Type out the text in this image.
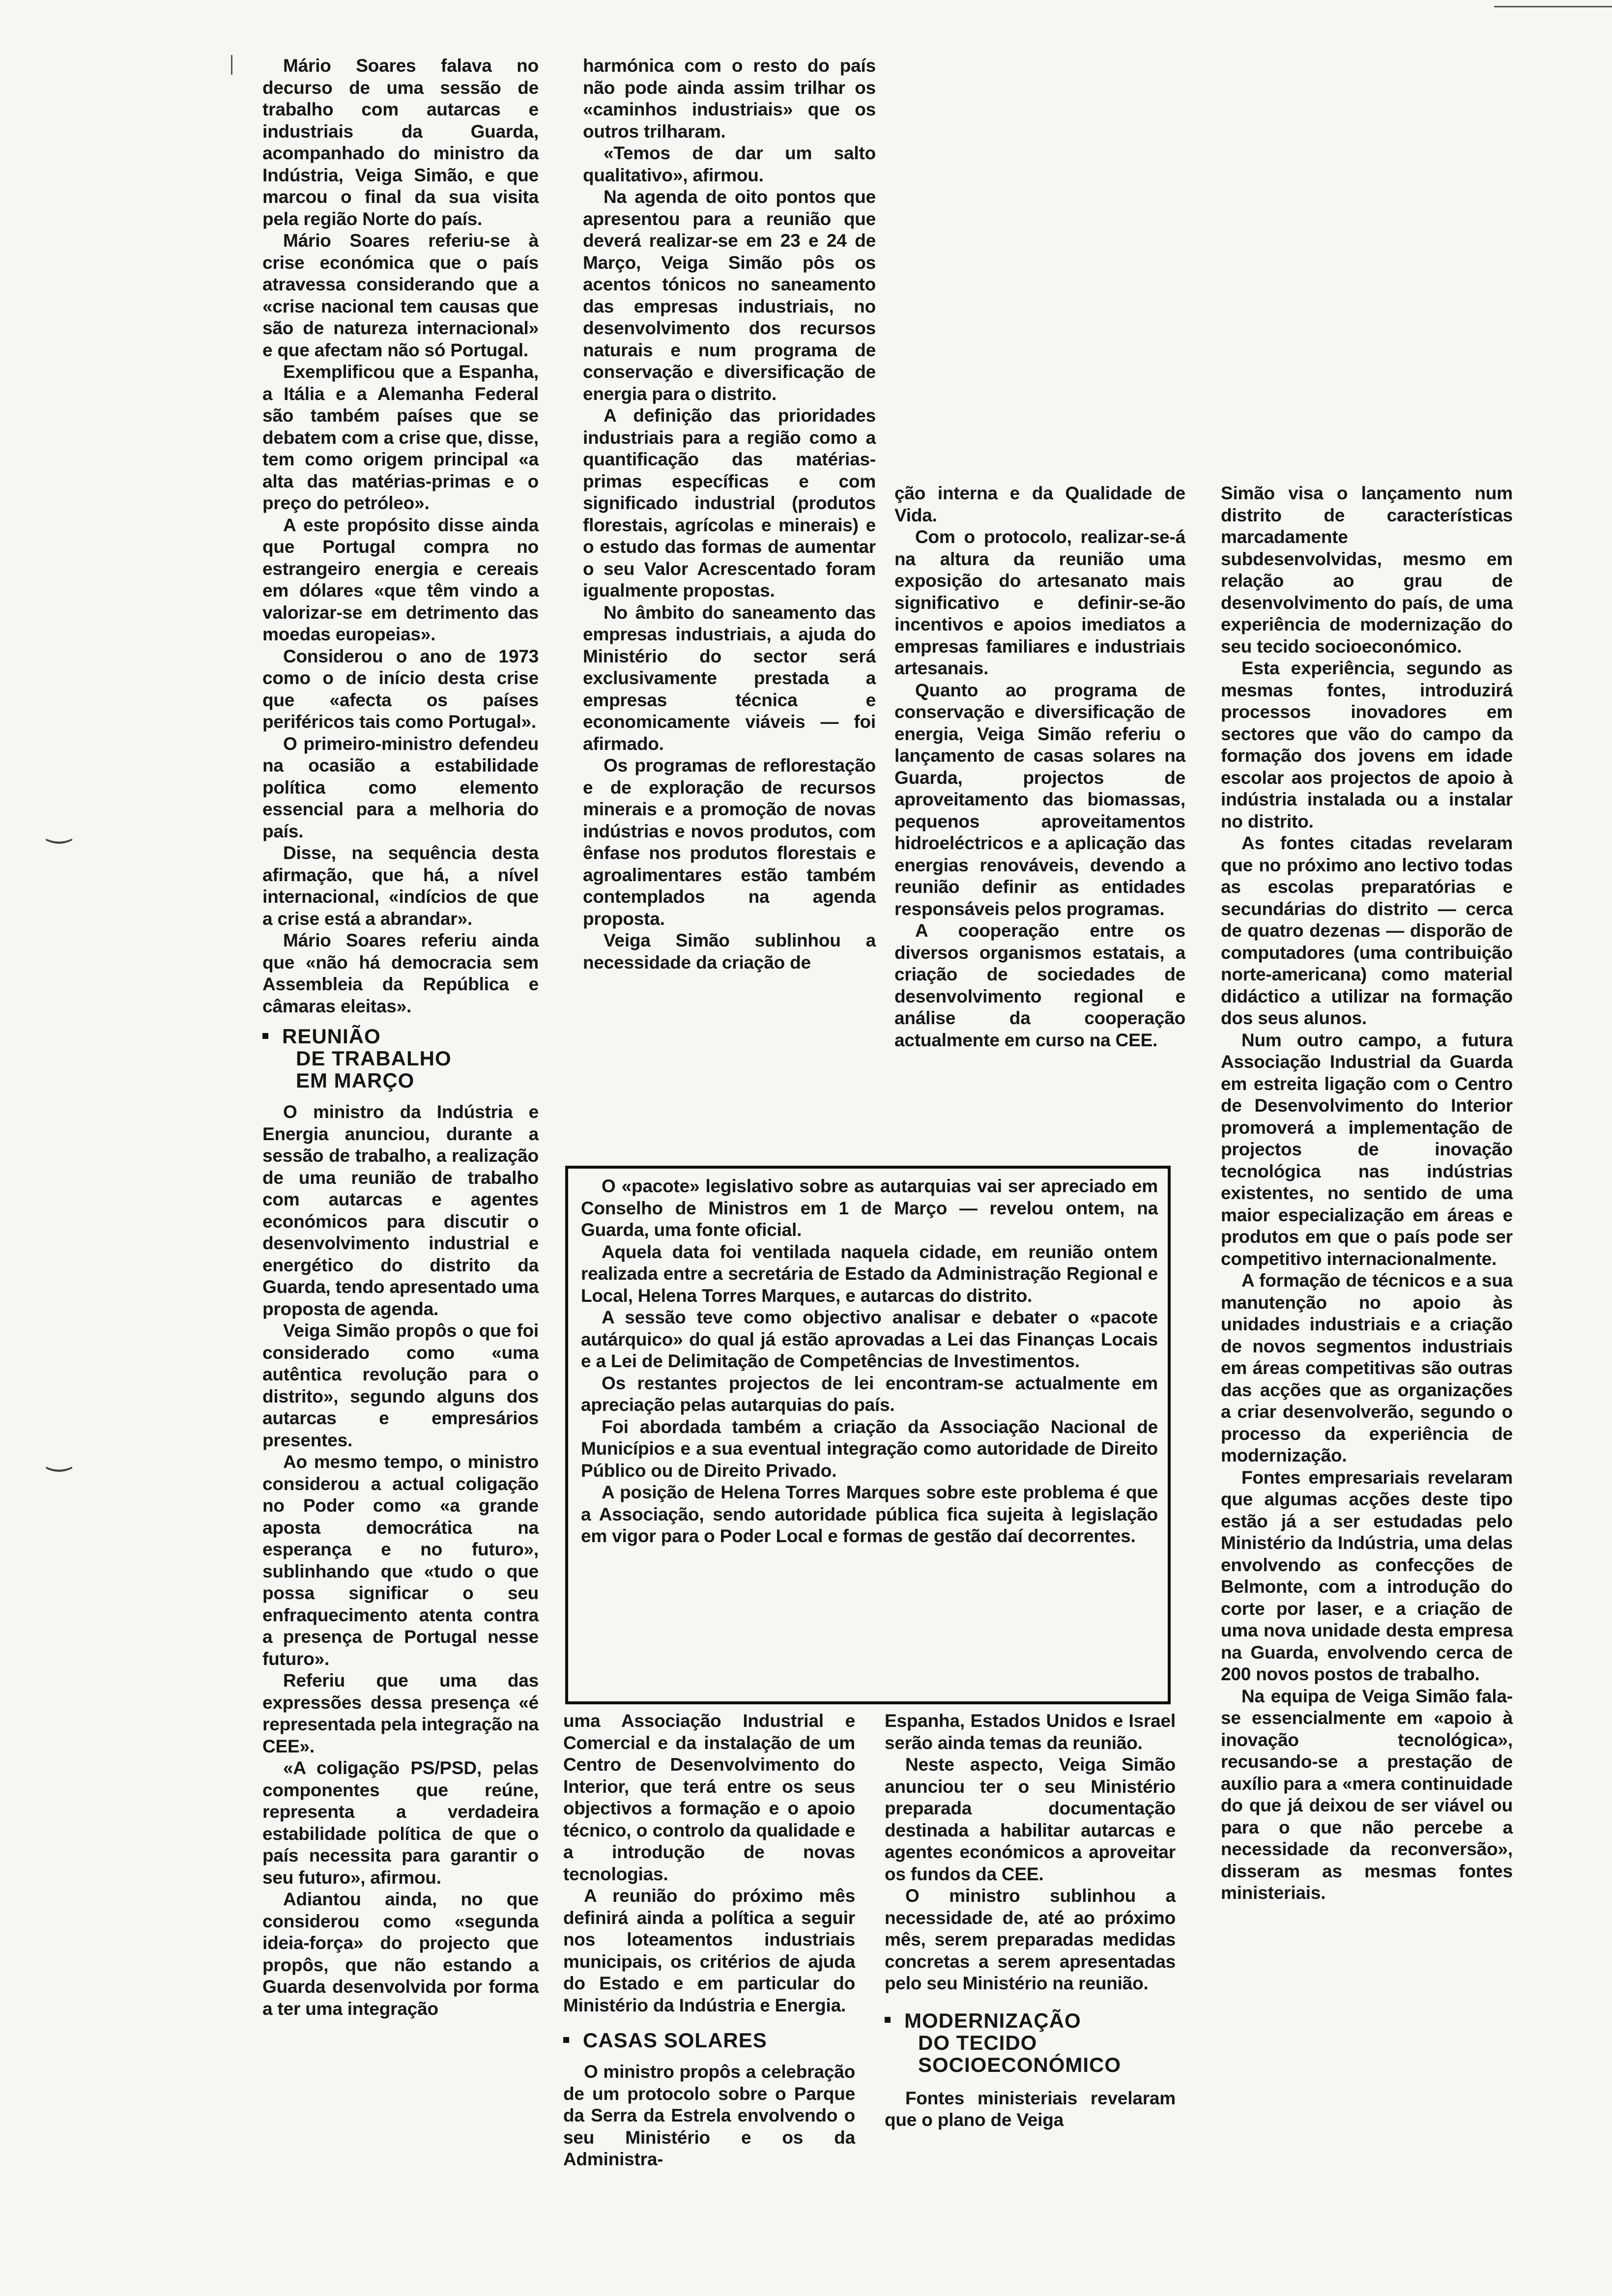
‿
‿

Mário Soares falava no decurso de uma sessão de trabalho com autarcas e industriais da Guarda, acompanhado do ministro da Indústria, Veiga Simão, e que marcou o final da sua visita pela região Norte do país.

Mário Soares referiu-se à crise económica que o país atravessa considerando que a «crise nacional tem causas que são de natureza internacional» e que afectam não só Portugal.

Exemplificou que a Espanha, a Itália e a Alemanha Federal são também países que se debatem com a crise que, disse, tem como origem principal «a alta das matérias-primas e o preço do petróleo».

A este propósito disse ainda que Portugal compra no estrangeiro energia e cereais em dólares «que têm vindo a valorizar-se em detrimento das moedas europeias».

Considerou o ano de 1973 como o de início desta crise que «afecta os países periféricos tais como Portugal».

O primeiro-ministro defendeu na ocasião a estabilidade política como elemento essencial para a melhoria do país.

Disse, na sequência desta afirmação, que há, a nível internacional, «indícios de que a crise está a abrandar».

Mário Soares referiu ainda que «não há democracia sem Assembleia da República e câmaras eleitas».

REUNIÃO
DE TRABALHO
EM MARÇO

O ministro da Indústria e Energia anunciou, durante a sessão de trabalho, a realização de uma reunião de trabalho com autarcas e agentes económicos para discutir o desenvolvimento industrial e energético do distrito da Guarda, tendo apresentado uma proposta de agenda.

Veiga Simão propôs o que foi considerado como «uma autêntica revolução para o distrito», segundo alguns dos autarcas e empresários presentes.

Ao mesmo tempo, o ministro considerou a actual coligação no Poder como «a grande aposta democrática na esperança e no futuro», sublinhando que «tudo o que possa significar o seu enfraquecimento atenta contra a presença de Portugal nesse futuro».

Referiu que uma das expressões dessa presença «é representada pela integração na CEE».

«A coligação PS/PSD, pelas componentes que reúne, representa a verdadeira estabilidade política de que o país necessita para garantir o seu futuro», afirmou.

Adiantou ainda, no que considerou como «segunda ideia-força» do projecto que propôs, que não estando a Guarda desenvolvida por forma a ter uma integração

harmónica com o resto do país não pode ainda assim trilhar os «caminhos industriais» que os outros trilharam.

«Temos de dar um salto qualitativo», afirmou.

Na agenda de oito pontos que apresentou para a reunião que deverá realizar-se em 23 e 24 de Março, Veiga Simão pôs os acentos tónicos no saneamento das empresas industriais, no desenvolvimento dos recursos naturais e num programa de conservação e diversificação de energia para o distrito.

A definição das prioridades industriais para a região como a quantificação das matérias-primas específicas e com significado industrial (produtos florestais, agrícolas e minerais) e o estudo das formas de aumentar o seu Valor Acrescentado foram igualmente propostas.

No âmbito do saneamento das empresas industriais, a ajuda do Ministério do sector será exclusivamente prestada a empresas técnica e economicamente viáveis — foi afirmado.

Os programas de reflorestação e de exploração de recursos minerais e a promoção de novas indústrias e novos produtos, com ênfase nos produtos florestais e agroalimentares estão também contemplados na agenda proposta.

Veiga Simão sublinhou a necessidade da criação de

ção interna e da Qualidade de Vida.

Com o protocolo, realizar-se-á na altura da reunião uma exposição do artesanato mais significativo e definir-se-ão incentivos e apoios imediatos a empresas familiares e industriais artesanais.

Quanto ao programa de conservação e diversificação de energia, Veiga Simão referiu o lançamento de casas solares na Guarda, projectos de aproveitamento das biomassas, pequenos aproveitamentos hidroeléctricos e a aplicação das energias renováveis, devendo a reunião definir as entidades responsáveis pelos programas.

A cooperação entre os diversos organismos estatais, a criação de sociedades de desenvolvimento regional e análise da cooperação actualmente em curso na CEE.

Simão visa o lançamento num distrito de características marcadamente subdesenvolvidas, mesmo em relação ao grau de desenvolvimento do país, de uma experiência de modernização do seu tecido socioeconómico.

Esta experiência, segundo as mesmas fontes, introduzirá processos inovadores em sectores que vão do campo da formação dos jovens em idade escolar aos projectos de apoio à indústria instalada ou a instalar no distrito.

As fontes citadas revelaram que no próximo ano lectivo todas as escolas preparatórias e secundárias do distrito — cerca de quatro dezenas — disporão de computadores (uma contribuição norte-americana) como material didáctico a utilizar na formação dos seus alunos.

Num outro campo, a futura Associação Industrial da Guarda em estreita ligação com o Centro de Desenvolvimento do Interior promoverá a implementação de projectos de inovação tecnológica nas indústrias existentes, no sentido de uma maior especialização em áreas e produtos em que o país pode ser competitivo internacionalmente.

A formação de técnicos e a sua manutenção no apoio às unidades industriais e a criação de novos segmentos industriais em áreas competitivas são outras das acções que as organizações a criar desenvolverão, segundo o processo da experiência de modernização.

Fontes empresariais revelaram que algumas acções deste tipo estão já a ser estudadas pelo Ministério da Indústria, uma delas envolvendo as confecções de Belmonte, com a introdução do corte por laser, e a criação de uma nova unidade desta empresa na Guarda, envolvendo cerca de 200 novos postos de trabalho.

Na equipa de Veiga Simão fala-se essencialmente em «apoio à inovação tecnológica», recusando-se a prestação de auxílio para a «mera continuidade do que já deixou de ser viável ou para o que não percebe a necessidade da reconversão», disseram as mesmas fontes ministeriais.

O «pacote» legislativo sobre as autarquias vai ser apreciado em Conselho de Ministros em 1 de Março — revelou ontem, na Guarda, uma fonte oficial.

Aquela data foi ventilada naquela cidade, em reunião ontem realizada entre a secretária de Estado da Administração Regional e Local, Helena Torres Marques, e autarcas do distrito.

A sessão teve como objectivo analisar e debater o «pacote autárquico» do qual já estão aprovadas a Lei das Finanças Locais e a Lei de Delimitação de Competências de Investimentos.

Os restantes projectos de lei encontram-se actualmente em apreciação pelas autarquias do país.

Foi abordada também a criação da Associação Nacional de Municípios e a sua eventual integração como autoridade de Direito Público ou de Direito Privado.

A posição de Helena Torres Marques sobre este problema é que a Associação, sendo autoridade pública fica sujeita à legislação em vigor para o Poder Local e formas de gestão daí decorrentes.

uma Associação Industrial e Comercial e da instalação de um Centro de Desenvolvimento do Interior, que terá entre os seus objectivos a formação e o apoio técnico, o controlo da qualidade e a introdução de novas tecnologias.

A reunião do próximo mês definirá ainda a política a seguir nos loteamentos industriais municipais, os critérios de ajuda do Estado e em particular do Ministério da Indústria e Energia.

CASAS SOLARES

O ministro propôs a celebração de um protocolo sobre o Parque da Serra da Estrela envolvendo o seu Ministério e os da Administra-

Espanha, Estados Unidos e Israel serão ainda temas da reunião.

Neste aspecto, Veiga Simão anunciou ter o seu Ministério preparada documentação destinada a habilitar autarcas e agentes económicos a aproveitar os fundos da CEE.

O ministro sublinhou a necessidade de, até ao próximo mês, serem preparadas medidas concretas a serem apresentadas pelo seu Ministério na reunião.

MODERNIZAÇÃO
DO TECIDO
SOCIOECONÓMICO

Fontes ministeriais revelaram que o plano de Veiga
